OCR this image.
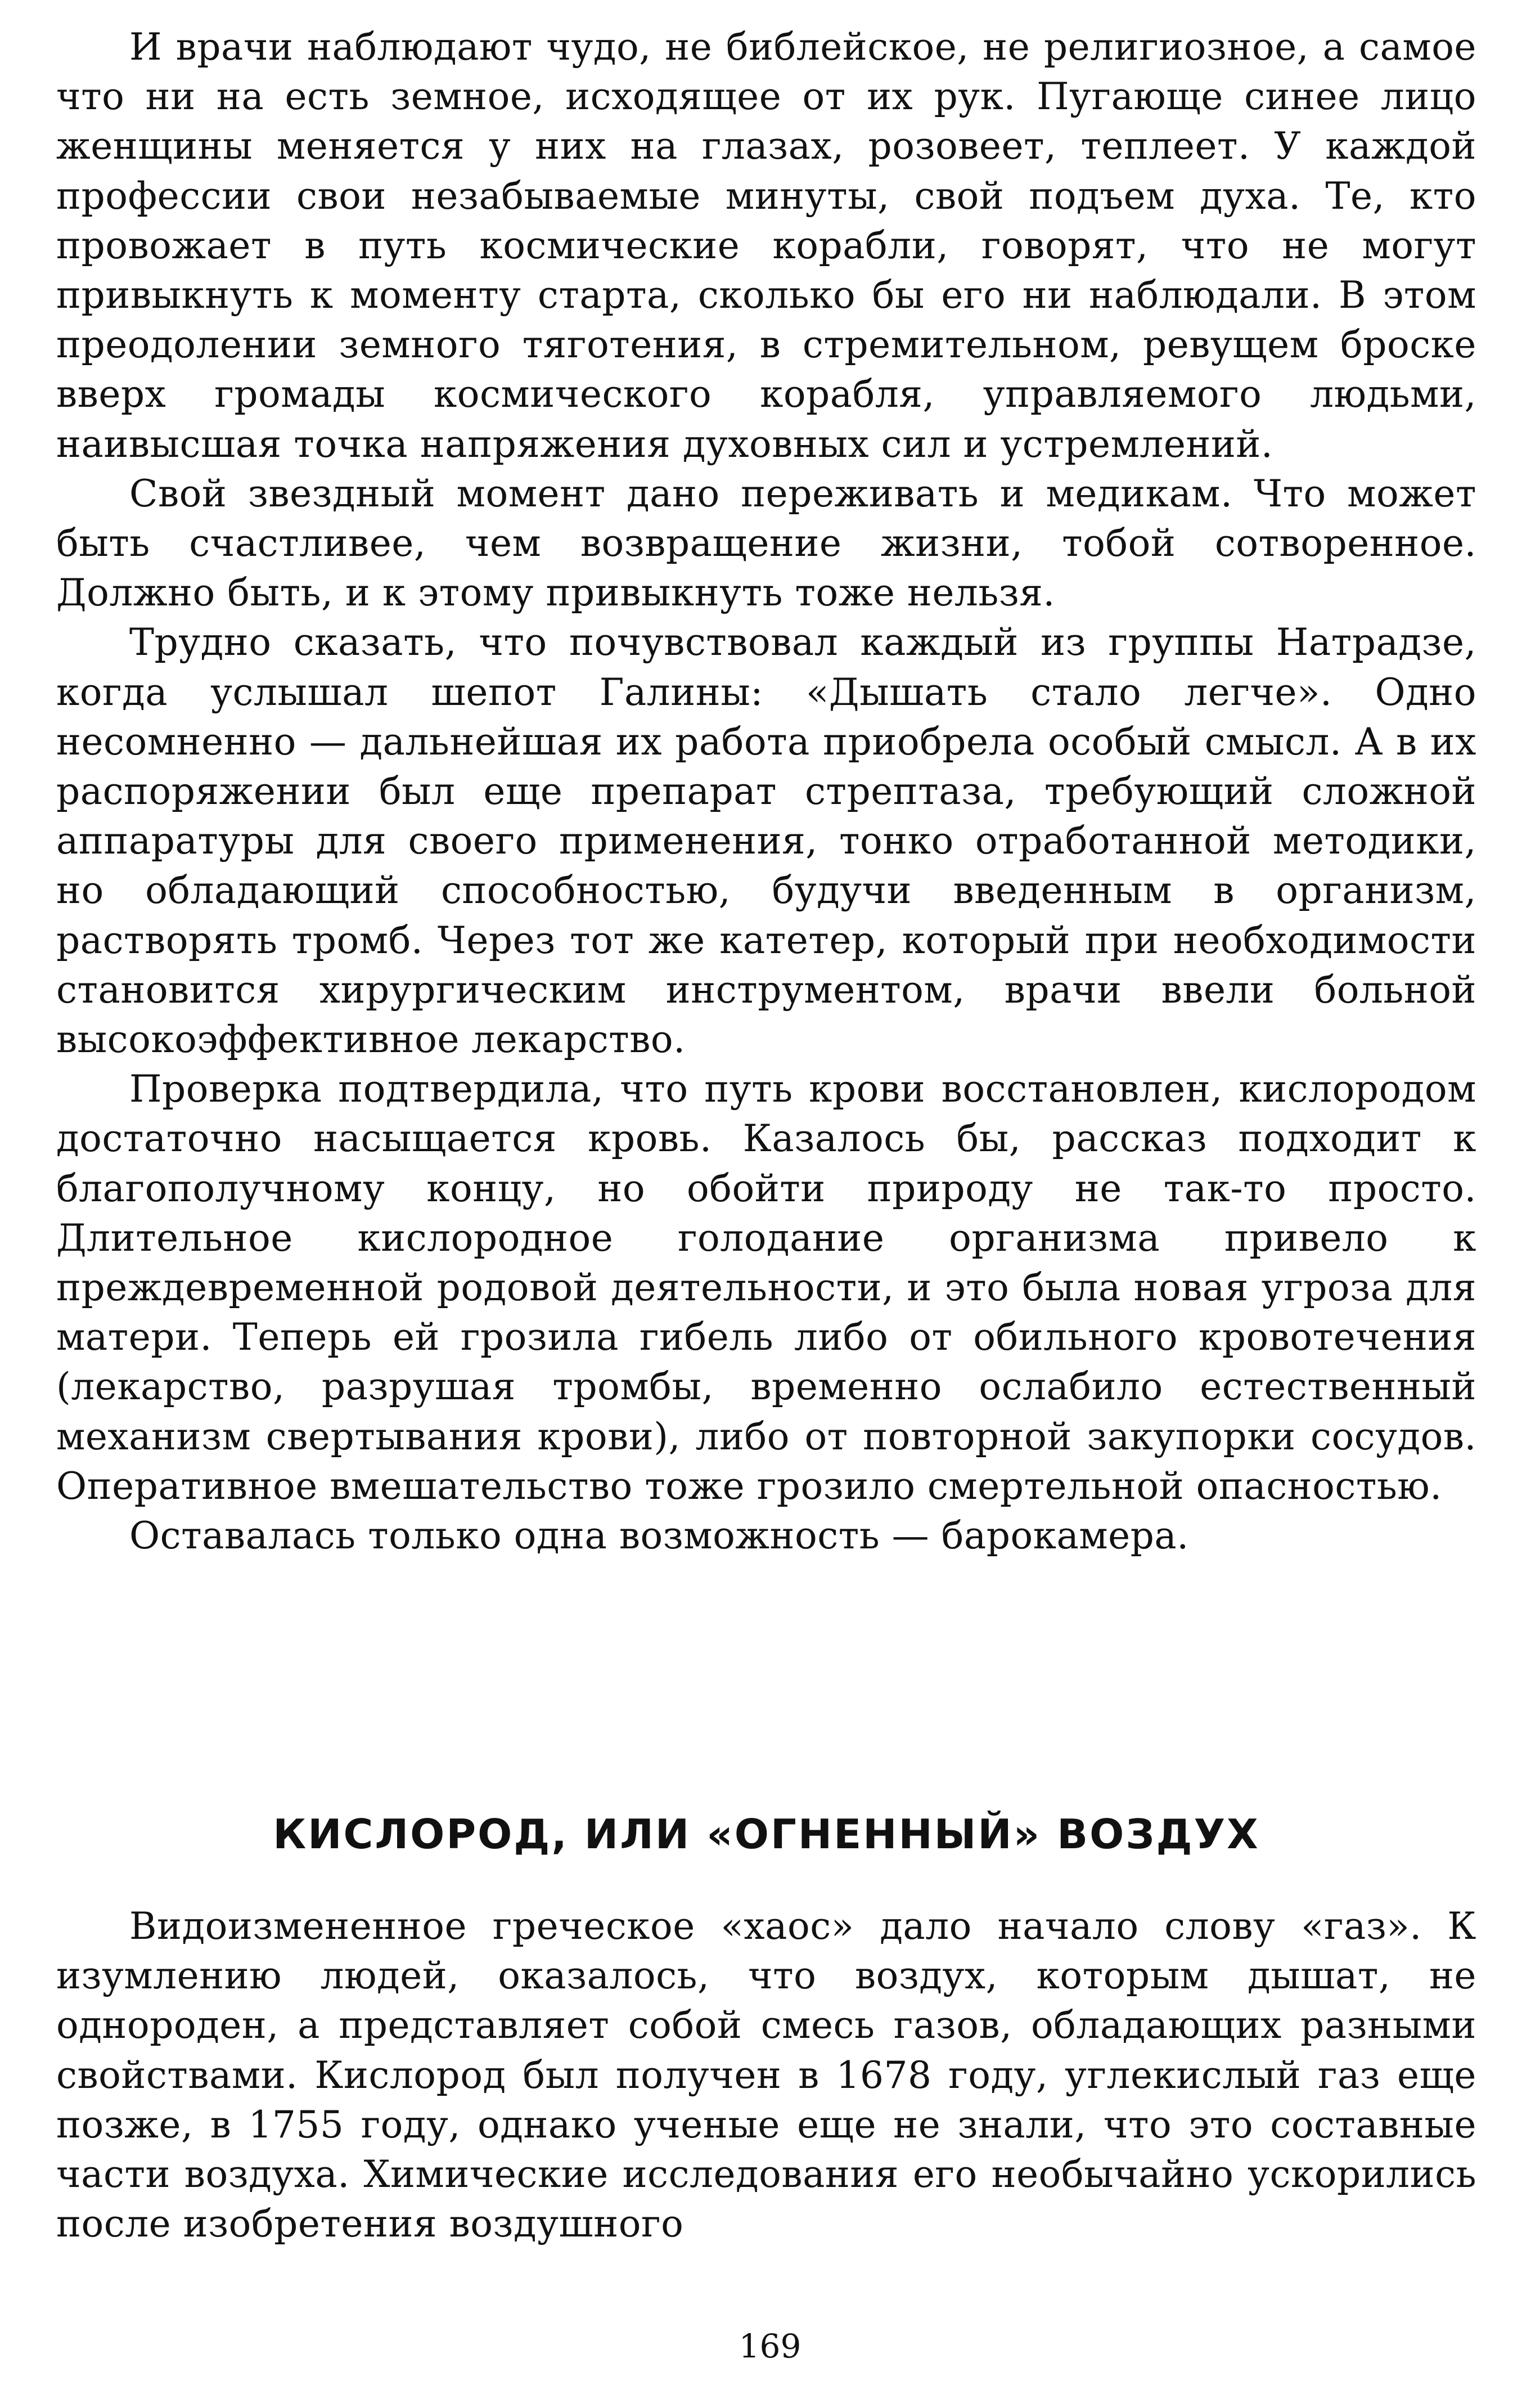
И врачи наблюдают чудо, не библейское, не религиозное, а самое что ни на есть земное, исходящее от их рук. Пугающе синее лицо женщины меняется у них на глазах, розовеет, теплеет. У каждой профессии свои незабываемые минуты, свой подъем духа. Те, кто провожает в путь космические корабли, говорят, что не могут привыкнуть к моменту старта, сколько бы его ни наблюдали. В этом преодолении земного тяготения, в стремительном, ревущем броске вверх громады космического корабля, управляемого людьми, наивысшая точка напряжения духовных сил и устремлений.

Свой звездный момент дано переживать и медикам. Что может быть счастливее, чем возвращение жизни, тобой сотворенное. Должно быть, и к этому привыкнуть тоже нельзя.

Трудно сказать, что почувствовал каждый из группы Натрадзе, когда услышал шепот Галины: «Дышать стало легче». Одно несомненно — дальнейшая их работа приобрела особый смысл. А в их распоряжении был еще препарат стрептаза, требующий сложной аппаратуры для своего применения, тонко отработанной методики, но обладающий способностью, будучи введенным в организм, растворять тромб. Через тот же катетер, который при необходимости становится хирургическим инструментом, врачи ввели больной высокоэффективное лекарство.

Проверка подтвердила, что путь крови восстановлен, кислородом достаточно насыщается кровь. Казалось бы, рассказ подходит к благополучному концу, но обойти природу не так-то просто. Длительное кислородное голодание организма привело к преждевременной родовой деятельности, и это была новая угроза для матери. Теперь ей грозила гибель либо от обильного кровотечения (лекарство, разрушая тромбы, временно ослабило естественный механизм свертывания крови), либо от повторной закупорки сосудов. Оперативное вмешательство тоже грозило смертельной опасностью.

Оставалась только одна возможность — барокамера.

КИСЛОРОД, ИЛИ «ОГНЕННЫЙ» ВОЗДУХ

Видоизмененное греческое «хаос» дало начало слову «газ». К изумлению людей, оказалось, что воздух, которым дышат, не однороден, а представляет собой смесь газов, обладающих разными свойствами. Кислород был получен в 1678 году, углекислый газ еще позже, в 1755 году, однако ученые еще не знали, что это составные части воздуха. Химические исследования его необычайно ускорились после изобретения воздушного

169
